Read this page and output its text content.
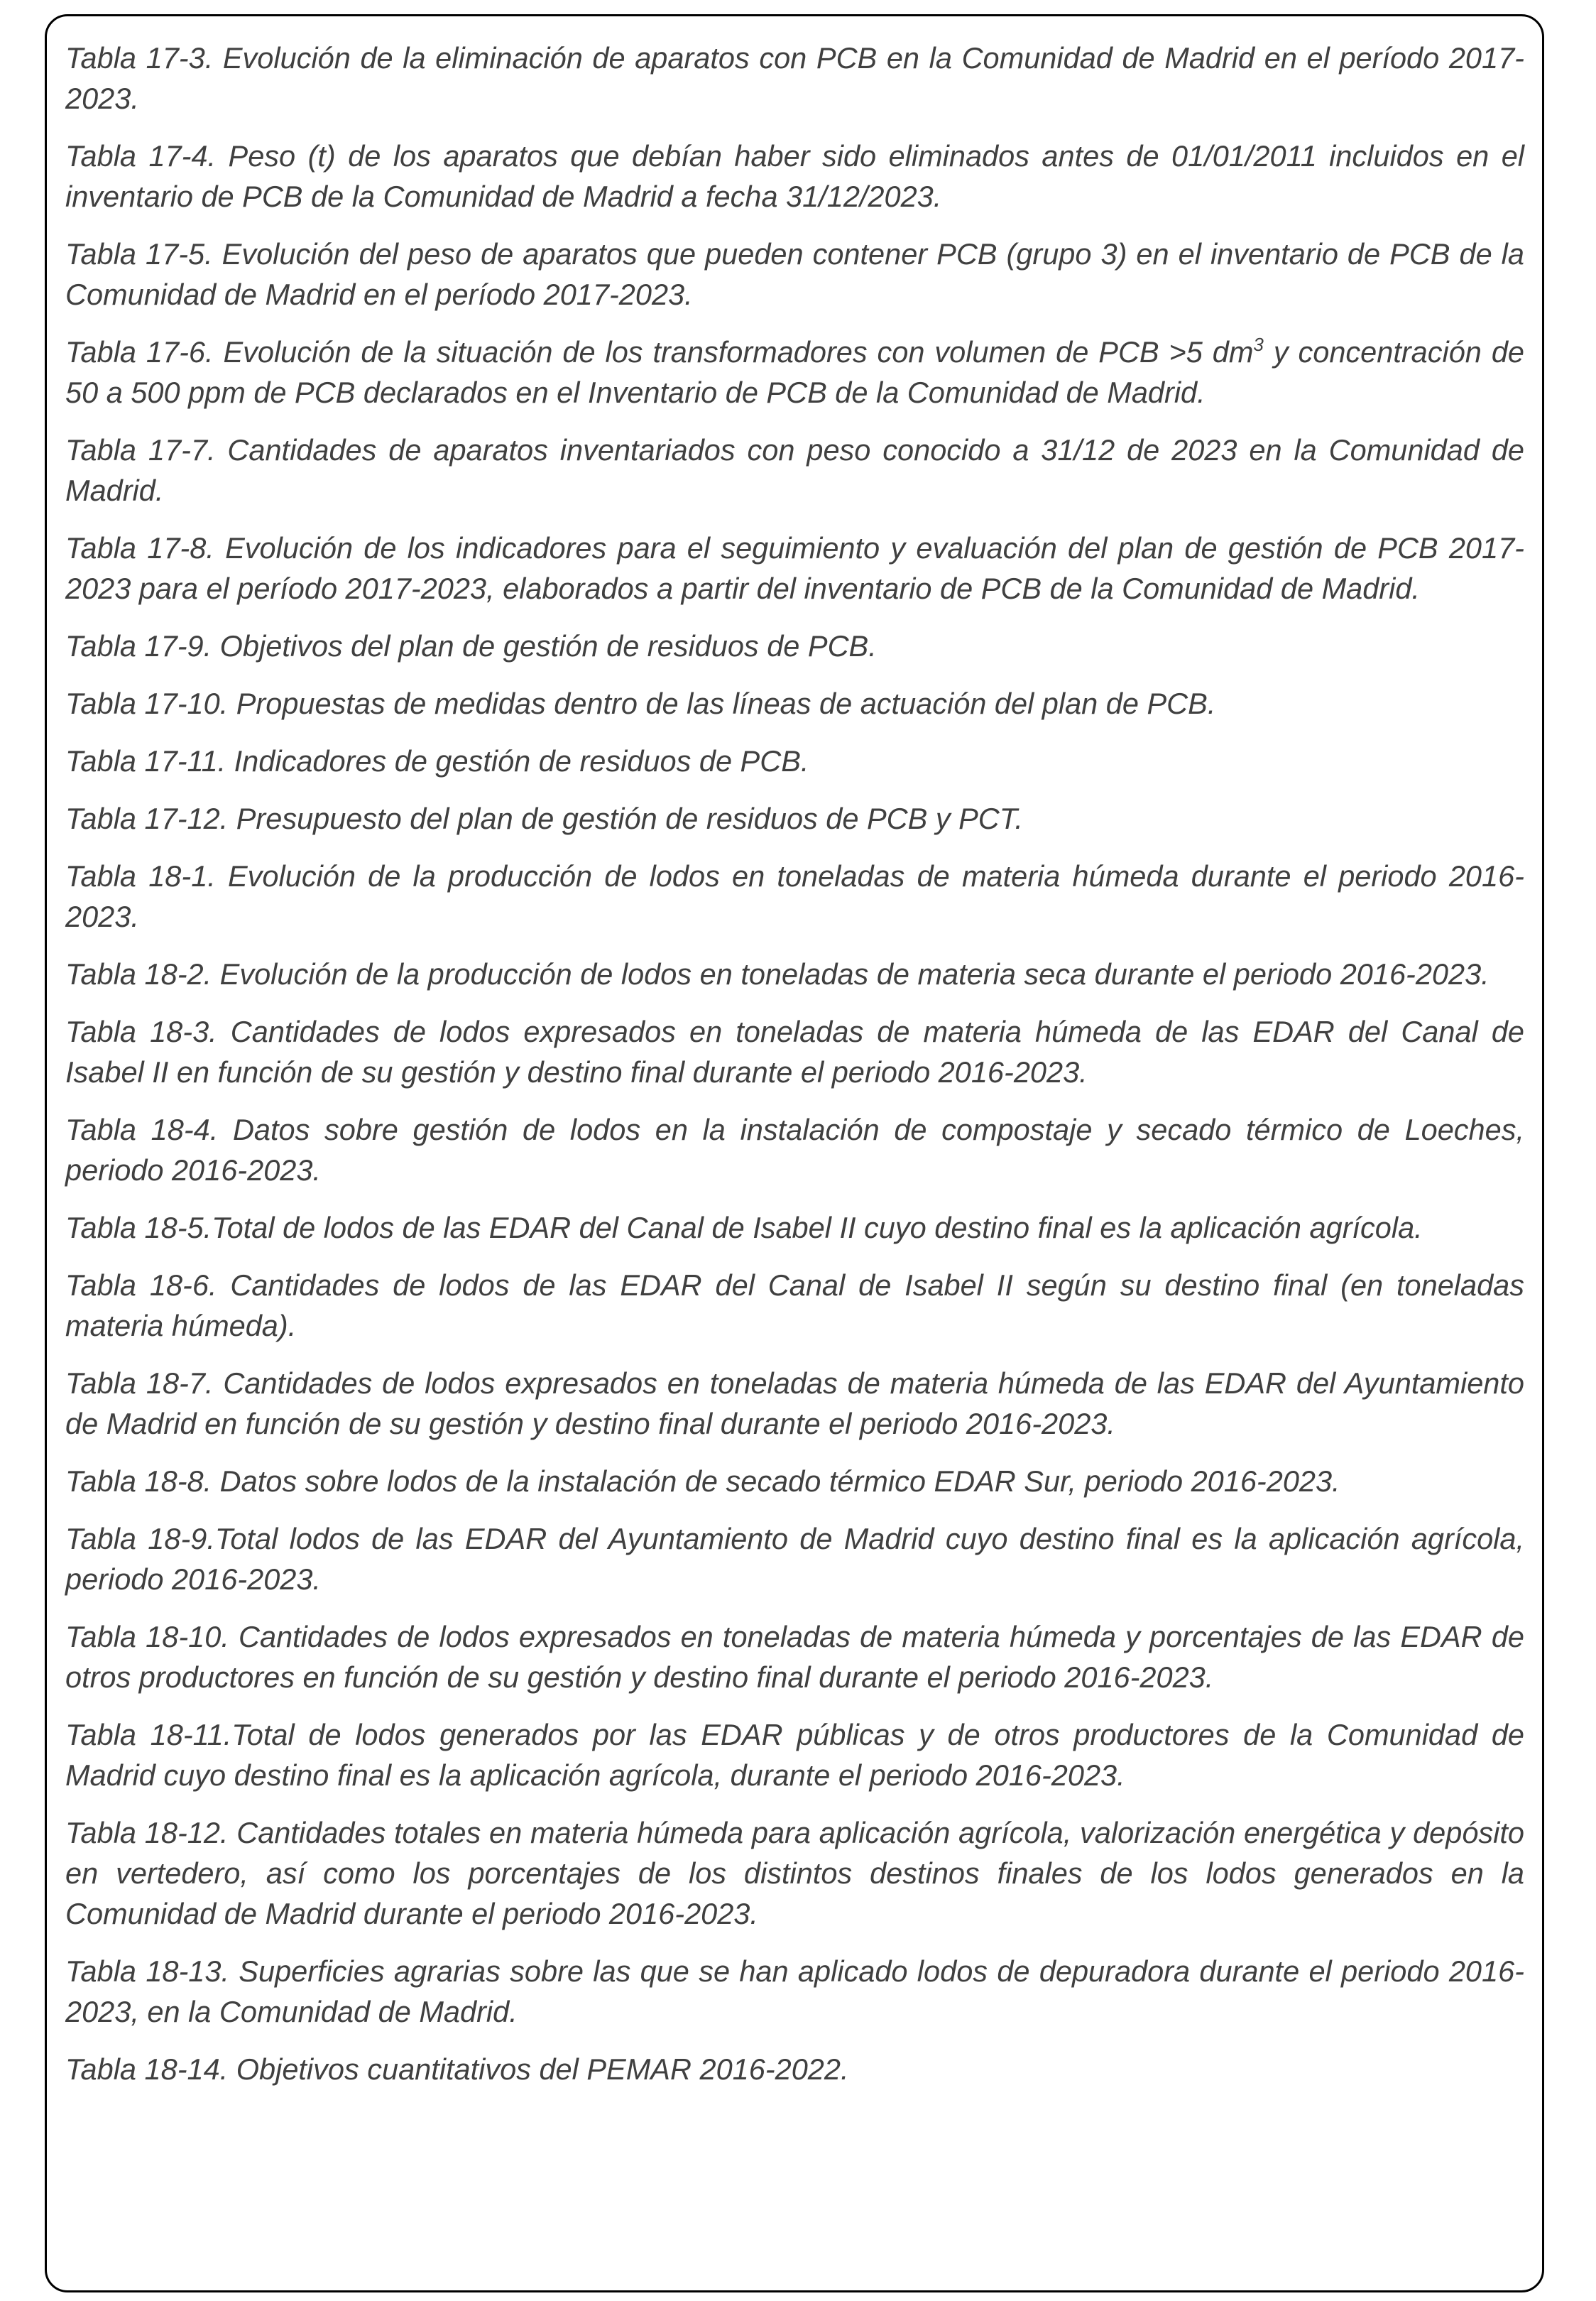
Tabla 17-3. Evolución de la eliminación de aparatos con PCB en la Comunidad de Madrid en el período 2017-2023.
Tabla 17-4. Peso (t) de los aparatos que debían haber sido eliminados antes de 01/01/2011 incluidos en el inventario de PCB de la Comunidad de Madrid a fecha 31/12/2023.
Tabla 17-5. Evolución del peso de aparatos que pueden contener PCB (grupo 3) en el inventario de PCB de la Comunidad de Madrid en el período 2017-2023.
Tabla 17-6. Evolución de la situación de los transformadores con volumen de PCB >5 $dm^3$ y concentración de 50 a 500 ppm de PCB declarados en el Inventario de PCB de la Comunidad de Madrid.
Tabla 17-7. Cantidades de aparatos inventariados con peso conocido a 31/12 de 2023 en la Comunidad de Madrid.
Tabla 17-8. Evolución de los indicadores para el seguimiento y evaluación del plan de gestión de PCB 2017-2023 para el período 2017-2023, elaborados a partir del inventario de PCB de la Comunidad de Madrid.
Tabla 17-9. Objetivos del plan de gestión de residuos de PCB.
Tabla 17-10. Propuestas de medidas dentro de las líneas de actuación del plan de PCB.
Tabla 17-11. Indicadores de gestión de residuos de PCB.
Tabla 17-12. Presupuesto del plan de gestión de residuos de PCB y PCT.
Tabla 18-1. Evolución de la producción de lodos en toneladas de materia húmeda durante el periodo 2016-2023.
Tabla 18-2. Evolución de la producción de lodos en toneladas de materia seca durante el periodo 2016-2023.
Tabla 18-3. Cantidades de lodos expresados en toneladas de materia húmeda de las EDAR del Canal de Isabel II en función de su gestión y destino final durante el periodo 2016-2023.
Tabla 18-4. Datos sobre gestión de lodos en la instalación de compostaje y secado térmico de Loeches, periodo 2016-2023.
Tabla 18-5.Total de lodos de las EDAR del Canal de Isabel II cuyo destino final es la aplicación agrícola.
Tabla 18-6. Cantidades de lodos de las EDAR del Canal de Isabel II según su destino final (en toneladas materia húmeda).
Tabla 18-7. Cantidades de lodos expresados en toneladas de materia húmeda de las EDAR del Ayuntamiento de Madrid en función de su gestión y destino final durante el periodo 2016-2023.
Tabla 18-8. Datos sobre lodos de la instalación de secado térmico EDAR Sur, periodo 2016-2023.
Tabla 18-9.Total lodos de las EDAR del Ayuntamiento de Madrid cuyo destino final es la aplicación agrícola, periodo 2016-2023.
Tabla 18-10. Cantidades de lodos expresados en toneladas de materia húmeda y porcentajes de las EDAR de otros productores en función de su gestión y destino final durante el periodo 2016-2023.
Tabla 18-11.Total de lodos generados por las EDAR públicas y de otros productores de la Comunidad de Madrid cuyo destino final es la aplicación agrícola, durante el periodo 2016-2023.
Tabla 18-12. Cantidades totales en materia húmeda para aplicación agrícola, valorización energética y depósito en vertedero, así como los porcentajes de los distintos destinos finales de los lodos generados en la Comunidad de Madrid durante el periodo 2016-2023.
Tabla 18-13. Superficies agrarias sobre las que se han aplicado lodos de depuradora durante el periodo 2016-2023, en la Comunidad de Madrid.
Tabla 18-14. Objetivos cuantitativos del PEMAR 2016-2022.
